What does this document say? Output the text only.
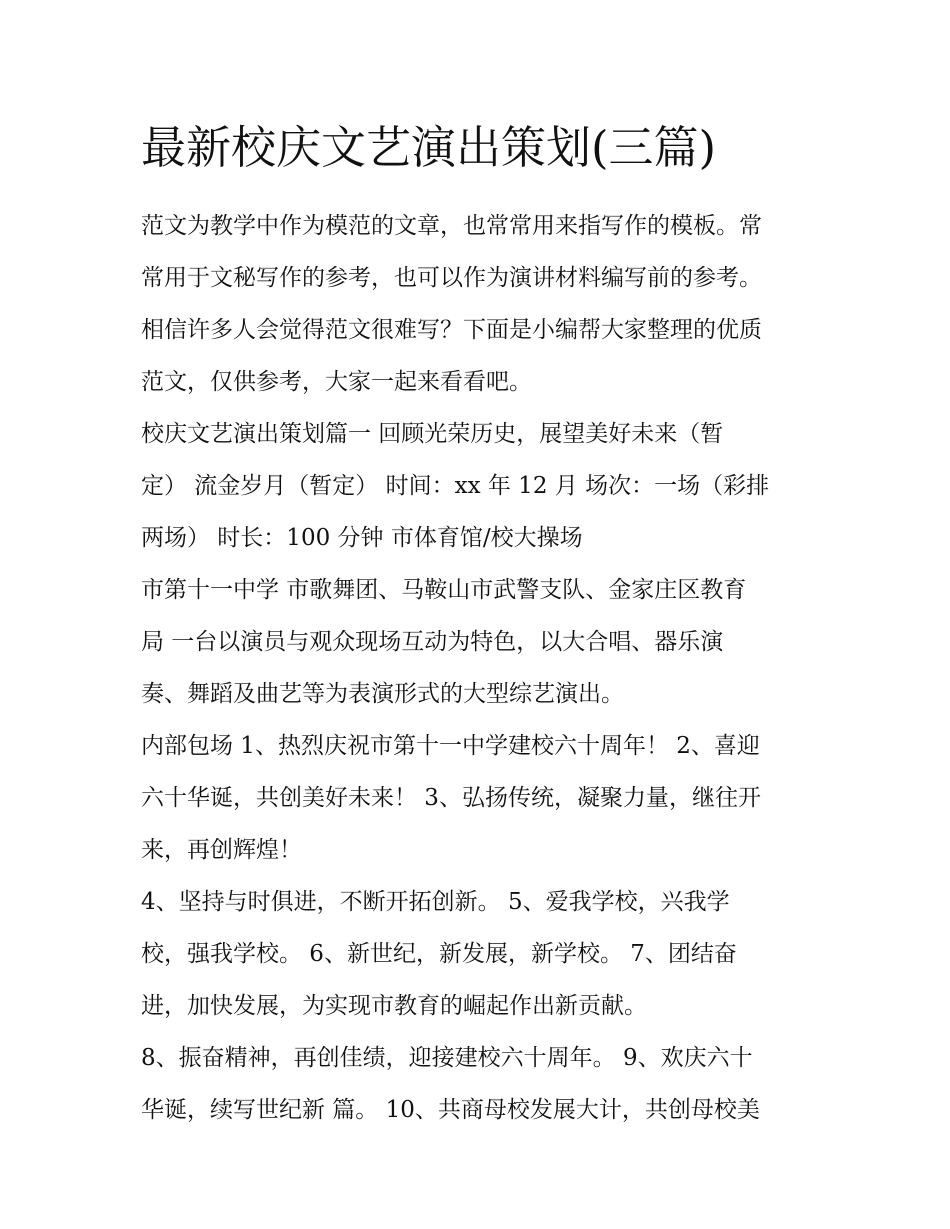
最新校庆文艺演出策划(三篇)

范文为教学中作为模范的文章，也常常用来指写作的模板。常
常用于文秘写作的参考，也可以作为演讲材料编写前的参考。
相信许多人会觉得范文很难写？下面是小编帮大家整理的优质
范文，仅供参考，大家一起来看看吧。

校庆文艺演出策划篇一 回顾光荣历史，展望美好未来（暂
定） 流金岁月（暂定） 时间：xx 年 12 月 场次：一场（彩排
两场） 时长：100 分钟 市体育馆/校大操场

市第十一中学 市歌舞团、马鞍山市武警支队、金家庄区教育
局 一台以演员与观众现场互动为特色，以大合唱、器乐演
奏、舞蹈及曲艺等为表演形式的大型综艺演出。

内部包场 1、热烈庆祝市第十一中学建校六十周年！ 2、喜迎
六十华诞，共创美好未来！ 3、弘扬传统，凝聚力量，继往开
来，再创辉煌！

4、坚持与时俱进，不断开拓创新。 5、爱我学校，兴我学
校，强我学校。 6、新世纪，新发展，新学校。 7、团结奋
进，加快发展，为实现市教育的崛起作出新贡献。

8、振奋精神，再创佳绩，迎接建校六十周年。 9、欢庆六十
华诞，续写世纪新 篇。 10、共商母校发展大计，共创母校美
